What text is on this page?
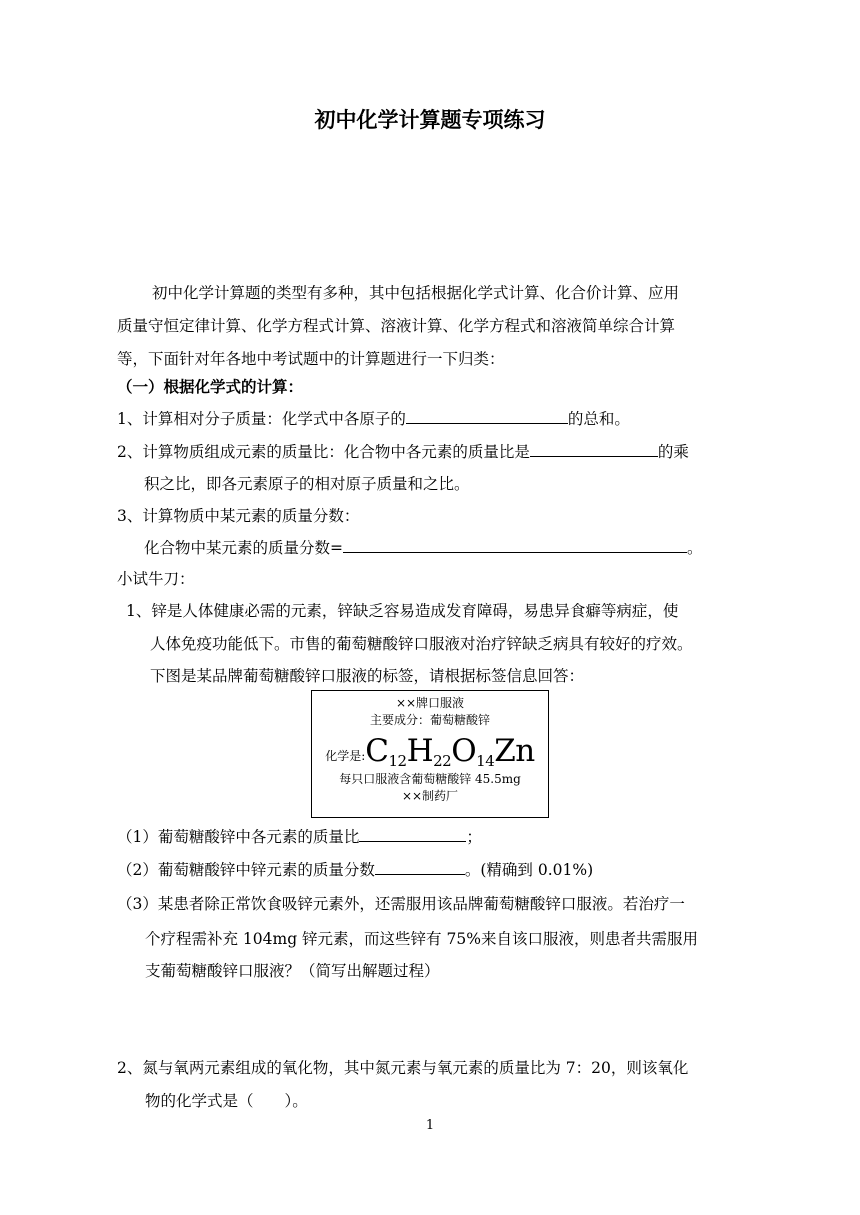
初中化学计算题专项练习
初中化学计算题的类型有多种，其中包括根据化学式计算、化合价计算、应用
质量守恒定律计算、化学方程式计算、溶液计算、化学方程式和溶液简单综合计算
等，下面针对年各地中考试题中的计算题进行一下归类：
（一）根据化学式的计算：
1、计算相对分子质量：化学式中各原子的	的总和。
2、计算物质组成元素的质量比：化合物中各元素的质量比是	的乘
积之比，即各元素原子的相对原子质量和之比。
3、计算物质中某元素的质量分数：
化合物中某元素的质量分数=	。
小试牛刀：
1、锌是人体健康必需的元素，锌缺乏容易造成发育障碍，易患异食癖等病症，使
人体免疫功能低下。市售的葡萄糖酸锌口服液对治疗锌缺乏病具有较好的疗效。
下图是某品牌葡萄糖酸锌口服液的标签，请根据标签信息回答：
××牌口服液
主要成分：葡萄糖酸锌
化学是$:C_{12}H_{22}O_{14}Zn$
每只口服液含葡萄糖酸锌 45.5mg
××制药厂
（1）葡萄糖酸锌中各元素的质量比	；
（2）葡萄糖酸锌中锌元素的质量分数	。(精确到 0.01%)
（3）某患者除正常饮食吸锌元素外，还需服用该品牌葡萄糖酸锌口服液。若治疗一
个疗程需补充 104mg 锌元素，而这些锌有 75%来自该口服液，则患者共需服用
支葡萄糖酸锌口服液？（简写出解题过程）
2、氮与氧两元素组成的氧化物，其中氮元素与氧元素的质量比为 7：20，则该氧化
物的化学式是（　　）。
1
